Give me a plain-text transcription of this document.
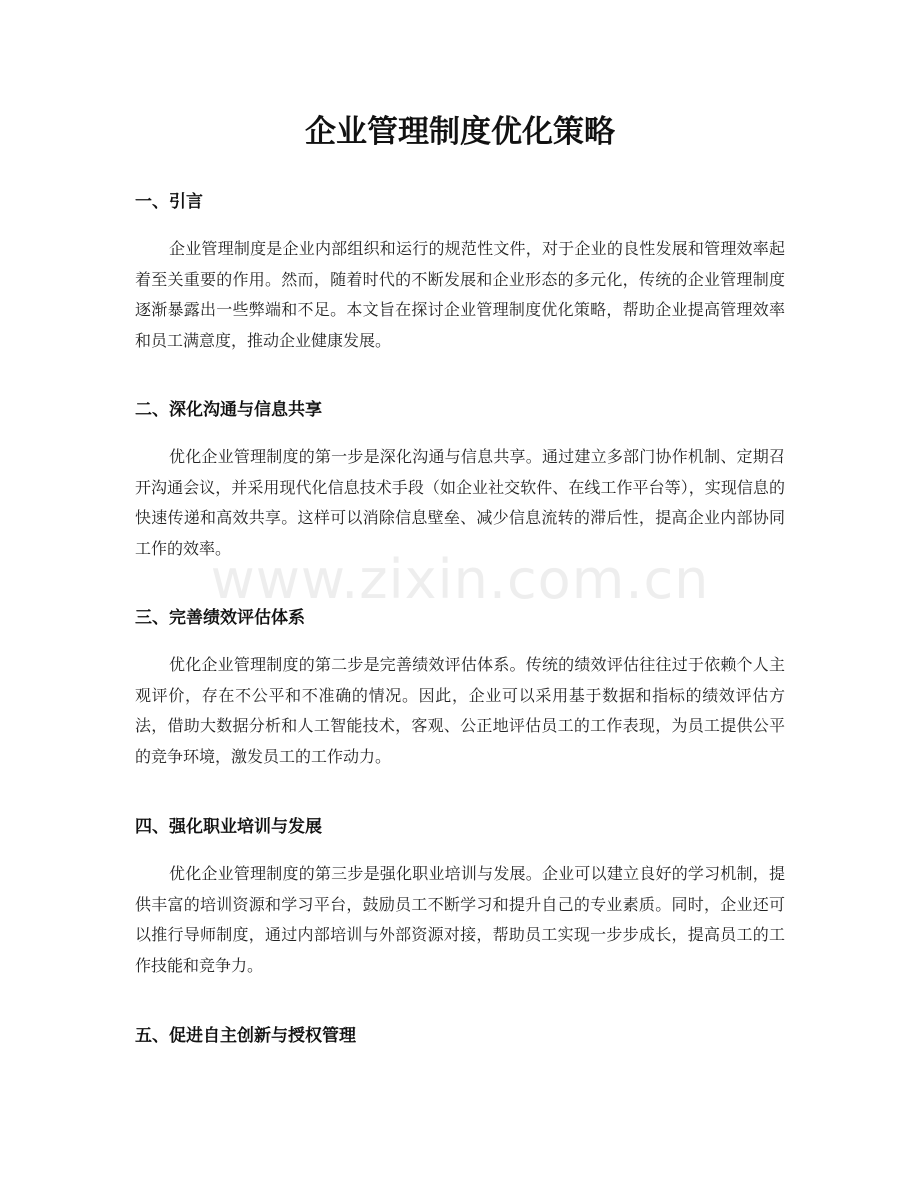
企业管理制度优化策略
一、引言

企业管理制度是企业内部组织和运行的规范性文件，对于企业的良性发展和管理效率起着至关重要的作用。然而，随着时代的不断发展和企业形态的多元化，传统的企业管理制度逐渐暴露出一些弊端和不足。本文旨在探讨企业管理制度优化策略，帮助企业提高管理效率和员工满意度，推动企业健康发展。

二、深化沟通与信息共享

优化企业管理制度的第一步是深化沟通与信息共享。通过建立多部门协作机制、定期召开沟通会议，并采用现代化信息技术手段（如企业社交软件、在线工作平台等），实现信息的快速传递和高效共享。这样可以消除信息壁垒、减少信息流转的滞后性，提高企业内部协同工作的效率。

三、完善绩效评估体系

优化企业管理制度的第二步是完善绩效评估体系。传统的绩效评估往往过于依赖个人主观评价，存在不公平和不准确的情况。因此，企业可以采用基于数据和指标的绩效评估方法，借助大数据分析和人工智能技术，客观、公正地评估员工的工作表现，为员工提供公平的竞争环境，激发员工的工作动力。

四、强化职业培训与发展

优化企业管理制度的第三步是强化职业培训与发展。企业可以建立良好的学习机制，提供丰富的培训资源和学习平台，鼓励员工不断学习和提升自己的专业素质。同时，企业还可以推行导师制度，通过内部培训与外部资源对接，帮助员工实现一步步成长，提高员工的工作技能和竞争力。

五、促进自主创新与授权管理

www.zixin.com.cn
